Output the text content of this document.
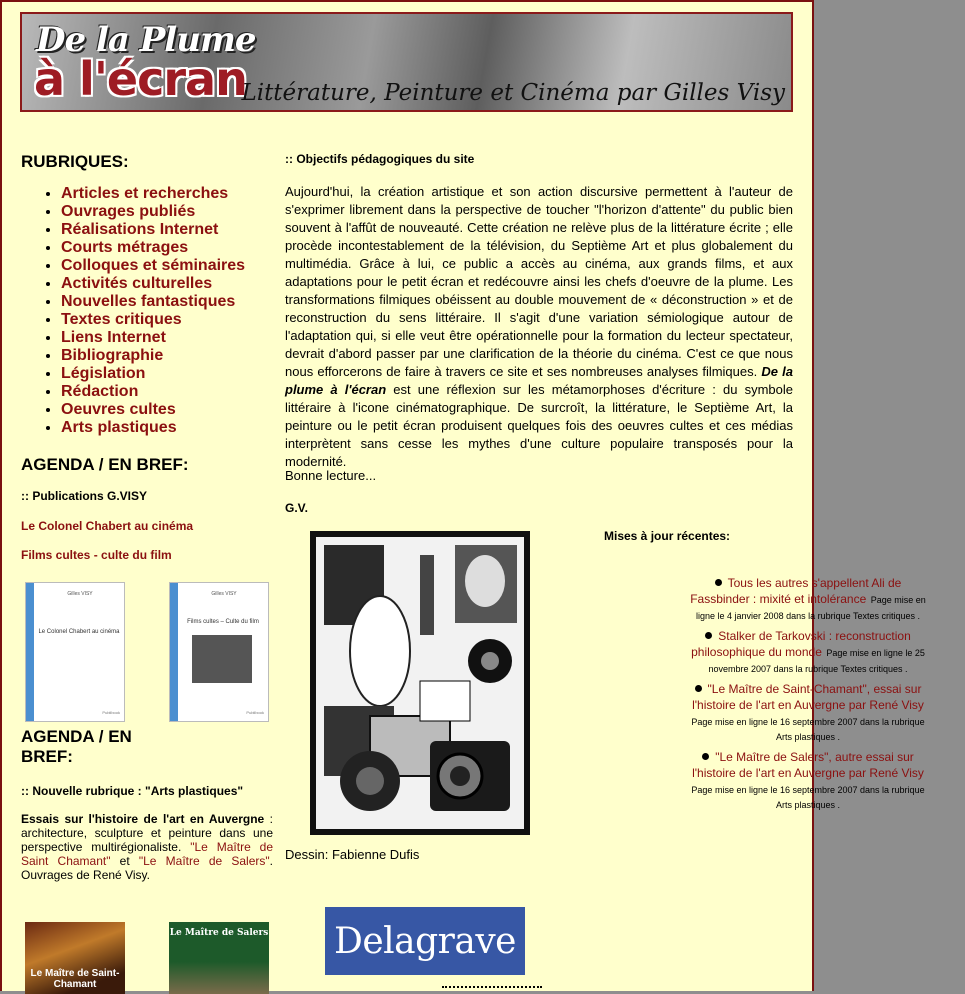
De la Plume
à l'écran
Littérature, Peinture et Cinéma par Gilles Visy
RUBRIQUES:
• Articles et recherches
• Ouvrages publiés
• Réalisations Internet
• Courts métrages
• Colloques et séminaires
• Activités culturelles
• Nouvelles fantastiques
• Textes critiques
• Liens Internet
• Bibliographie
• Législation
• Rédaction
• Oeuvres cultes
• Arts plastiques
AGENDA / EN BREF:
:: Publications G.VISY
Le Colonel Chabert au cinéma
Films cultes - culte du film
Gilles VISY
Le Colonel Chabert au cinéma
Publibook
Gilles VISY
Films cultes – Culte du film
Publibook
AGENDA / EN BREF:
:: Nouvelle rubrique : "Arts plastiques"

Essais sur l'histoire de l'art en Auvergne : architecture, sculpture et peinture dans une perspective multirégionaliste. "Le Maître de Saint Chamant" et "Le Maître de Salers". Ouvrages de René Visy.

Le Maître de Saint-Chamant
Le Maître de Salers
:: Objectifs pédagogiques du site

Aujourd'hui, la création artistique et son action discursive permettent à l'auteur de s'exprimer librement dans la perspective de toucher "l'horizon d'attente" du public bien souvent à l'affût de nouveauté. Cette création ne relève plus de la littérature écrite ; elle procède incontestablement de la télévision, du Septième Art et plus globalement du multimédia. Grâce à lui, ce public a accès au cinéma, aux grands films, et aux adaptations pour le petit écran et redécouvre ainsi les chefs d'oeuvre de la plume. Les transformations filmiques obéissent au double mouvement de « déconstruction » et de reconstruction du sens littéraire. Il s'agit d'une variation sémiologique autour de l'adaptation qui, si elle veut être opérationnelle pour la formation du lecteur spectateur, devrait d'abord passer par une clarification de la théorie du cinéma. C'est ce que nous nous efforcerons de faire à travers ce site et ses nombreuses analyses filmiques. De la plume à l'écran est une réflexion sur les métamorphoses d'écriture : du symbole littéraire à l'icone cinématographique. De surcroît, la littérature, le Septième Art, la peinture ou le petit écran produisent quelques fois des oeuvres cultes et ces médias interprètent sans cesse les mythes d'une culture populaire transposés pour la modernité.

Bonne lecture...
G.V.
Dessin: Fabienne Dufis
Delagrave
Mises à jour récentes:
Tous les autres s'appellent Ali de Fassbinder : mixité et intolérance Page mise en ligne le 4 janvier 2008 dans la rubrique Textes critiques .
Stalker de Tarkovski : reconstruction philosophique du monde Page mise en ligne le 25 novembre 2007 dans la rubrique Textes critiques .
"Le Maître de Saint-Chamant", essai sur l'histoire de l'art en Auvergne par René Visy Page mise en ligne le 16 septembre 2007 dans la rubrique Arts plastiques .
"Le Maître de Salers", autre essai sur l'histoire de l'art en Auvergne par René Visy Page mise en ligne le 16 septembre 2007 dans la rubrique Arts plastiques .
